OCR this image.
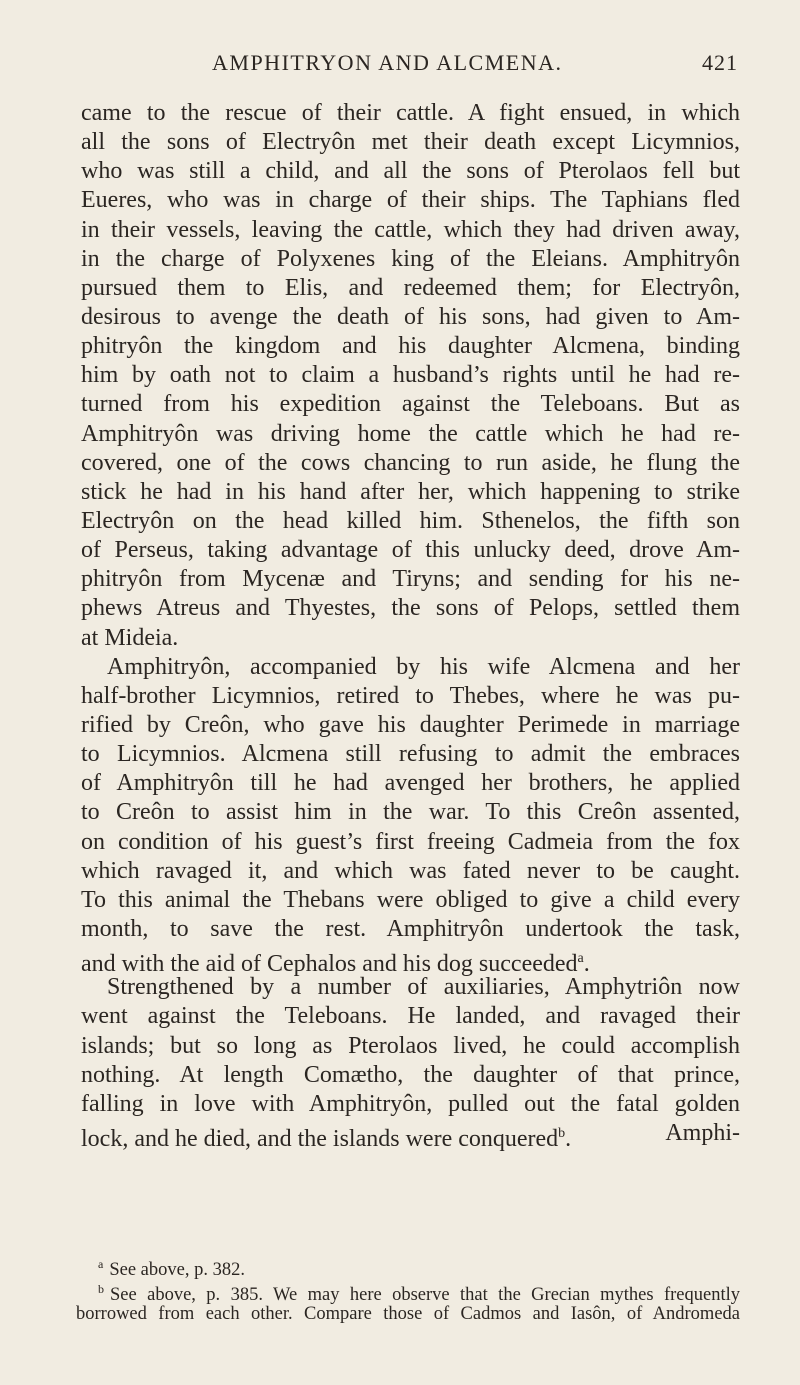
AMPHITRYON AND ALCMENA.	421
came to the rescue of their cattle. A fight ensued, in which
all the sons of Electryôn met their death except Licymnios,
who was still a child, and all the sons of Pterolaos fell but
Eueres, who was in charge of their ships. The Taphians fled
in their vessels, leaving the cattle, which they had driven away,
in the charge of Polyxenes king of the Eleians. Amphitryôn
pursued them to Elis, and redeemed them; for Electryôn,
desirous to avenge the death of his sons, had given to Am-
phitryôn the kingdom and his daughter Alcmena, binding
him by oath not to claim a husband’s rights until he had re-
turned from his expedition against the Teleboans. But as
Amphitryôn was driving home the cattle which he had re-
covered, one of the cows chancing to run aside, he flung the
stick he had in his hand after her, which happening to strike
Electryôn on the head killed him. Sthenelos, the fifth son
of Perseus, taking advantage of this unlucky deed, drove Am-
phitryôn from Mycenæ and Tiryns; and sending for his ne-
phews Atreus and Thyestes, the sons of Pelops, settled them
at Mideia.
Amphitryôn, accompanied by his wife Alcmena and her
half-brother Licymnios, retired to Thebes, where he was pu-
rified by Creôn, who gave his daughter Perimede in marriage
to Licymnios. Alcmena still refusing to admit the embraces
of Amphitryôn till he had avenged her brothers, he applied
to Creôn to assist him in the war. To this Creôn assented,
on condition of his guest’s first freeing Cadmeia from the fox
which ravaged it, and which was fated never to be caught.
To this animal the Thebans were obliged to give a child every
month, to save the rest. Amphitryôn undertook the task,
and with the aid of Cephalos and his dog succeeded$^a$.
Strengthened by a number of auxiliaries, Amphytriôn now
went against the Teleboans. He landed, and ravaged their
islands; but so long as Pterolaos lived, he could accomplish
nothing. At length Comætho, the daughter of that prince,
falling in love with Amphitryôn, pulled out the fatal golden
lock, and he died, and the islands were conquered$^b$.	Amphi-
$^a$ See above, p. 382.
$^b$ See above, p. 385. We may here observe that the Grecian mythes frequently
borrowed from each other. Compare those of Cadmos and Iasôn, of Andromeda
